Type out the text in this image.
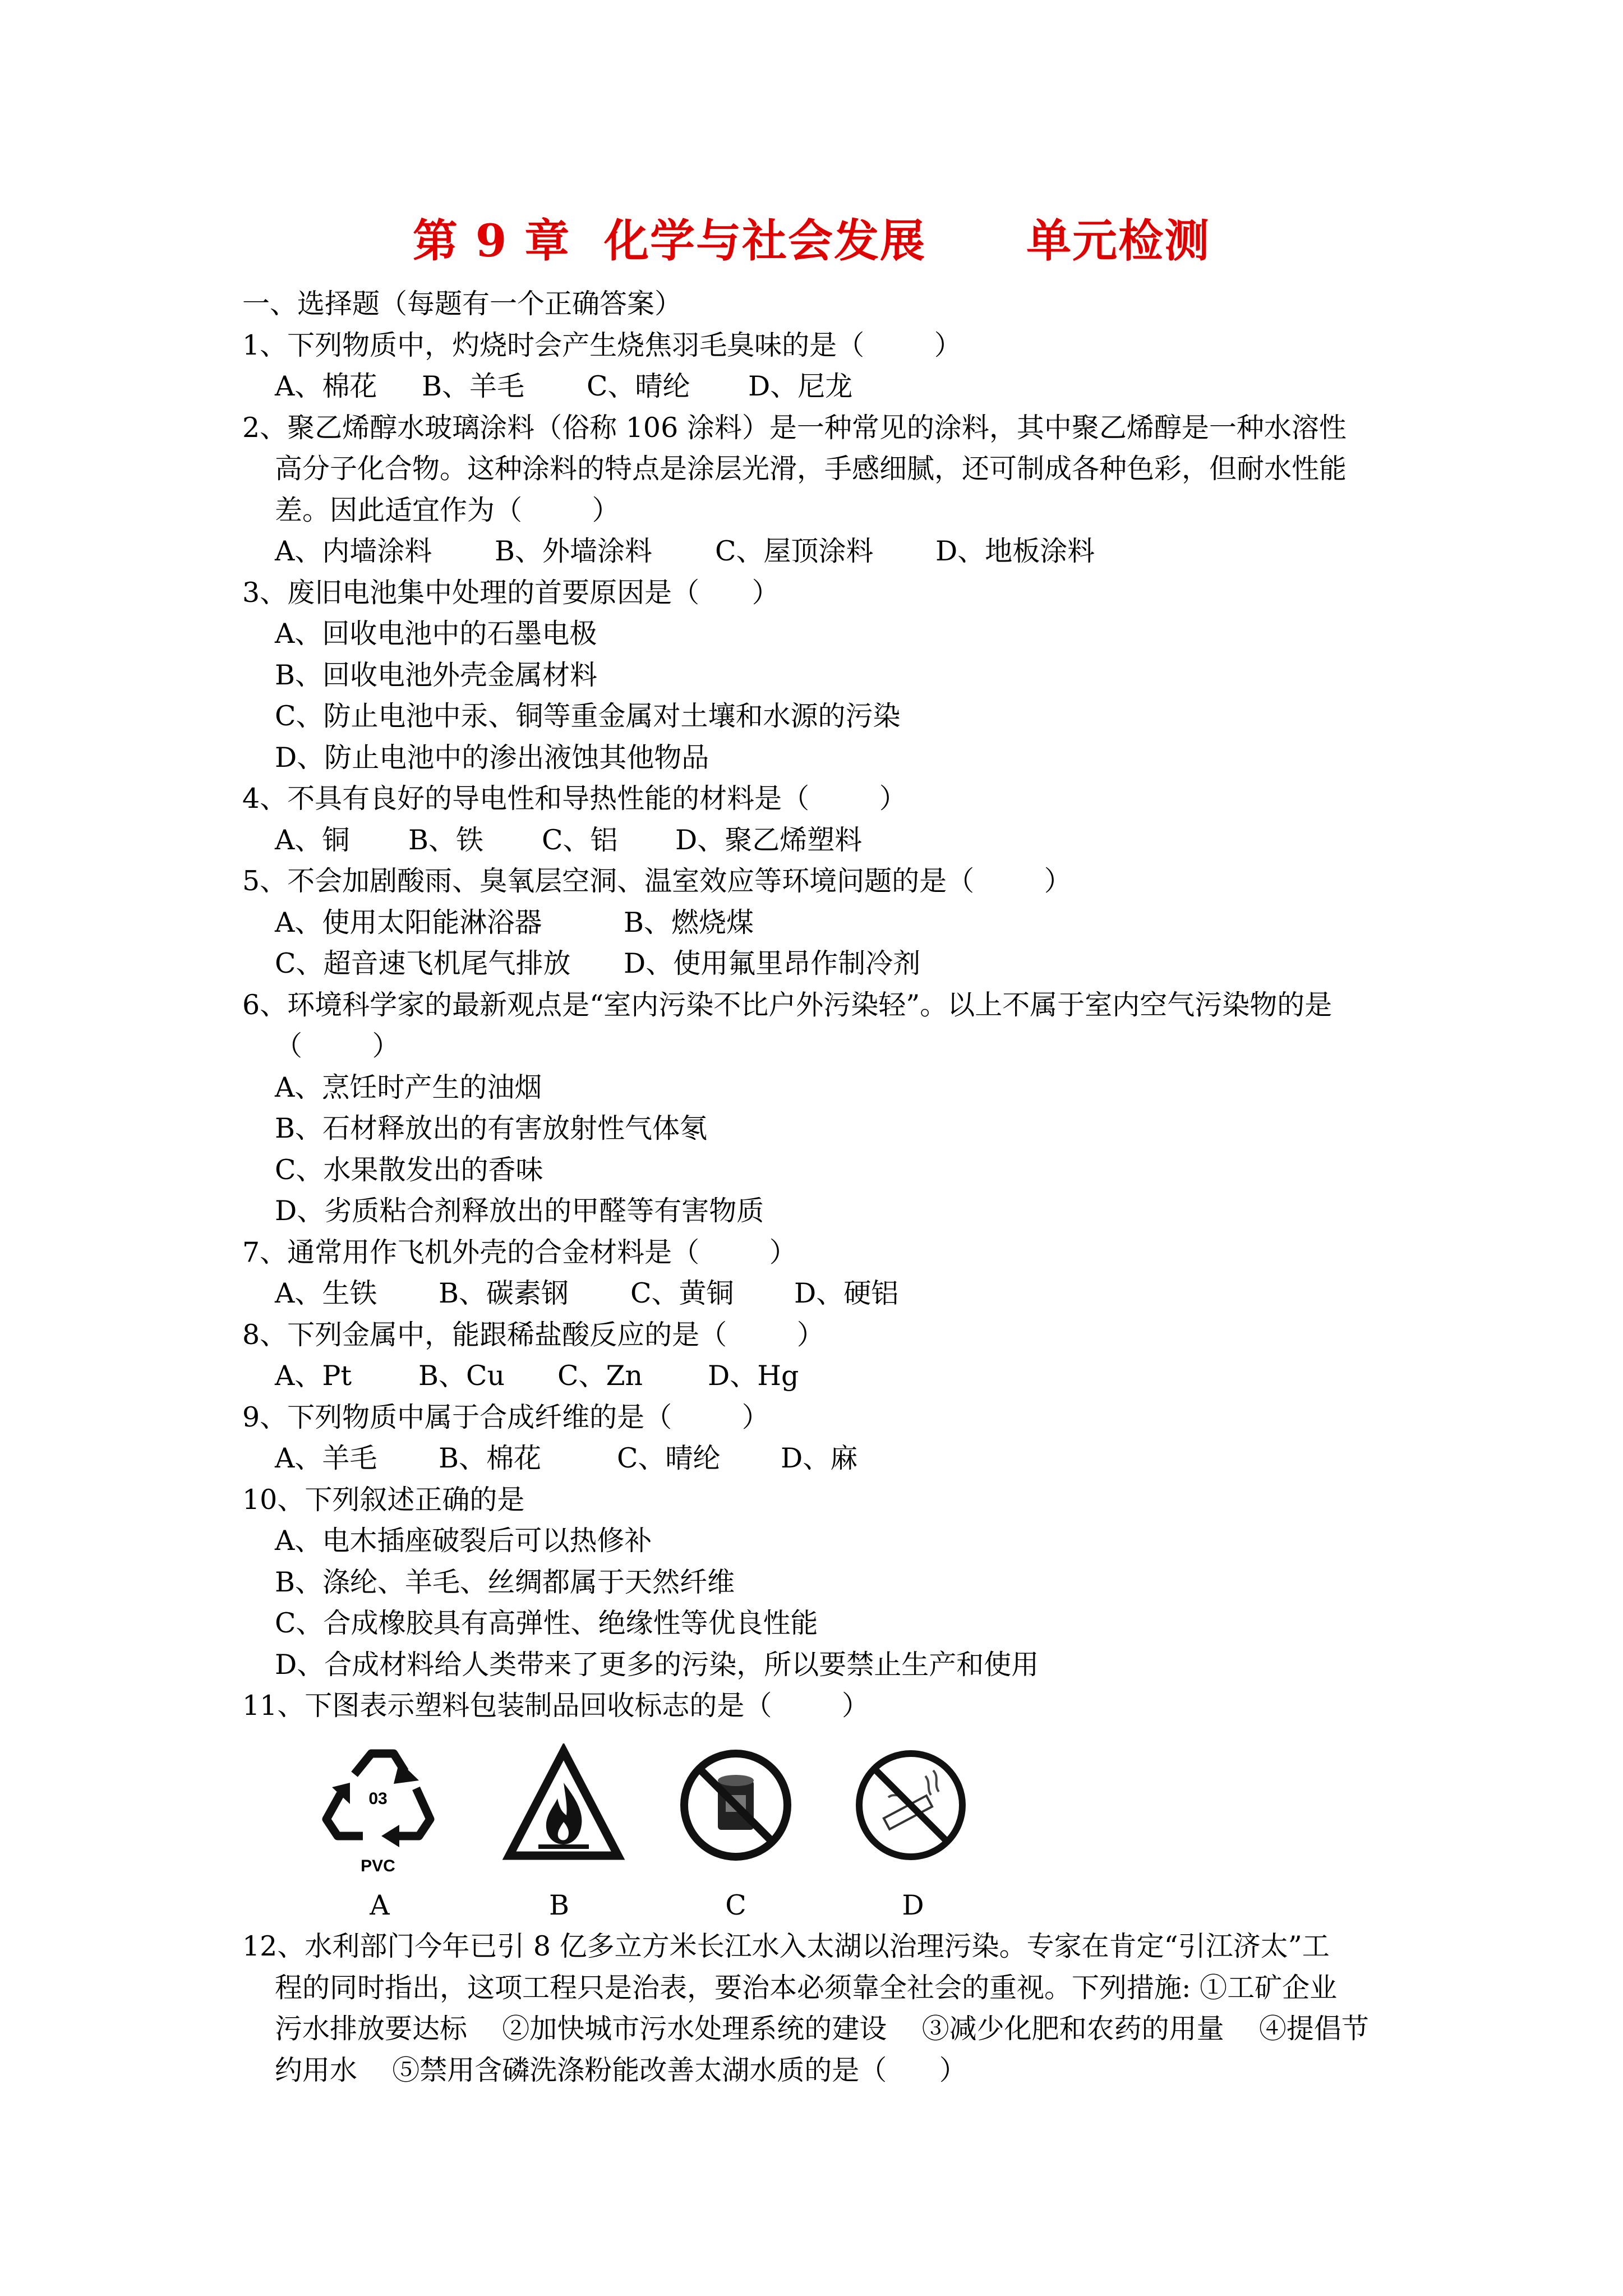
第 9 章  化学与社会发展      单元检测
一、选择题（每题有一个正确答案）
1、下列物质中，灼烧时会产生烧焦羽毛臭味的是（        ）
A、棉花	B、羊毛	C、晴纶	D、尼龙
2、聚乙烯醇水玻璃涂料（俗称 106 涂料）是一种常见的涂料，其中聚乙烯醇是一种水溶性
高分子化合物。这种涂料的特点是涂层光滑，手感细腻，还可制成各种色彩，但耐水性能
差。因此适宜作为（        ）
A、内墙涂料	B、外墙涂料	C、屋顶涂料	D、地板涂料
3、废旧电池集中处理的首要原因是（      ）
A、回收电池中的石墨电极
B、回收电池外壳金属材料
C、防止电池中汞、铜等重金属对土壤和水源的污染
D、防止电池中的渗出液蚀其他物品
4、不具有良好的导电性和导热性能的材料是（        ）
A、铜	B、铁	C、铝	D、聚乙烯塑料
5、不会加剧酸雨、臭氧层空洞、温室效应等环境问题的是（        ）
A、使用太阳能淋浴器	B、燃烧煤
C、超音速飞机尾气排放	D、使用氟里昂作制冷剂
6、环境科学家的最新观点是“室内污染不比户外污染轻”。以上不属于室内空气污染物的是
（        ）
A、烹饪时产生的油烟
B、石材释放出的有害放射性气体氡
C、水果散发出的香味
D、劣质粘合剂释放出的甲醛等有害物质
7、通常用作飞机外壳的合金材料是（        ）
A、生铁	B、碳素钢	C、黄铜	D、硬铝
8、下列金属中，能跟稀盐酸反应的是（        ）
A、Pt	B、Cu	C、Zn	D、Hg
9、下列物质中属于合成纤维的是（        ）
A、羊毛	B、棉花	C、晴纶	D、麻
10、下列叙述正确的是
A、电木插座破裂后可以热修补
B、涤纶、羊毛、丝绸都属于天然纤维
C、合成橡胶具有高弹性、绝缘性等优良性能
D、合成材料给人类带来了更多的污染，所以要禁止生产和使用
11、下图表示塑料包装制品回收标志的是（        ）
03
PVC
A	B	C	D
12、水利部门今年已引 8 亿多立方米长江水入太湖以治理污染。专家在肯定“引江济太”工
程的同时指出，这项工程只是治表，要治本必须靠全社会的重视。下列措施: ①工矿企业
污水排放要达标    ②加快城市污水处理系统的建设    ③减少化肥和农药的用量    ④提倡节
约用水    ⑤禁用含磷洗涤粉能改善太湖水质的是（      ）
